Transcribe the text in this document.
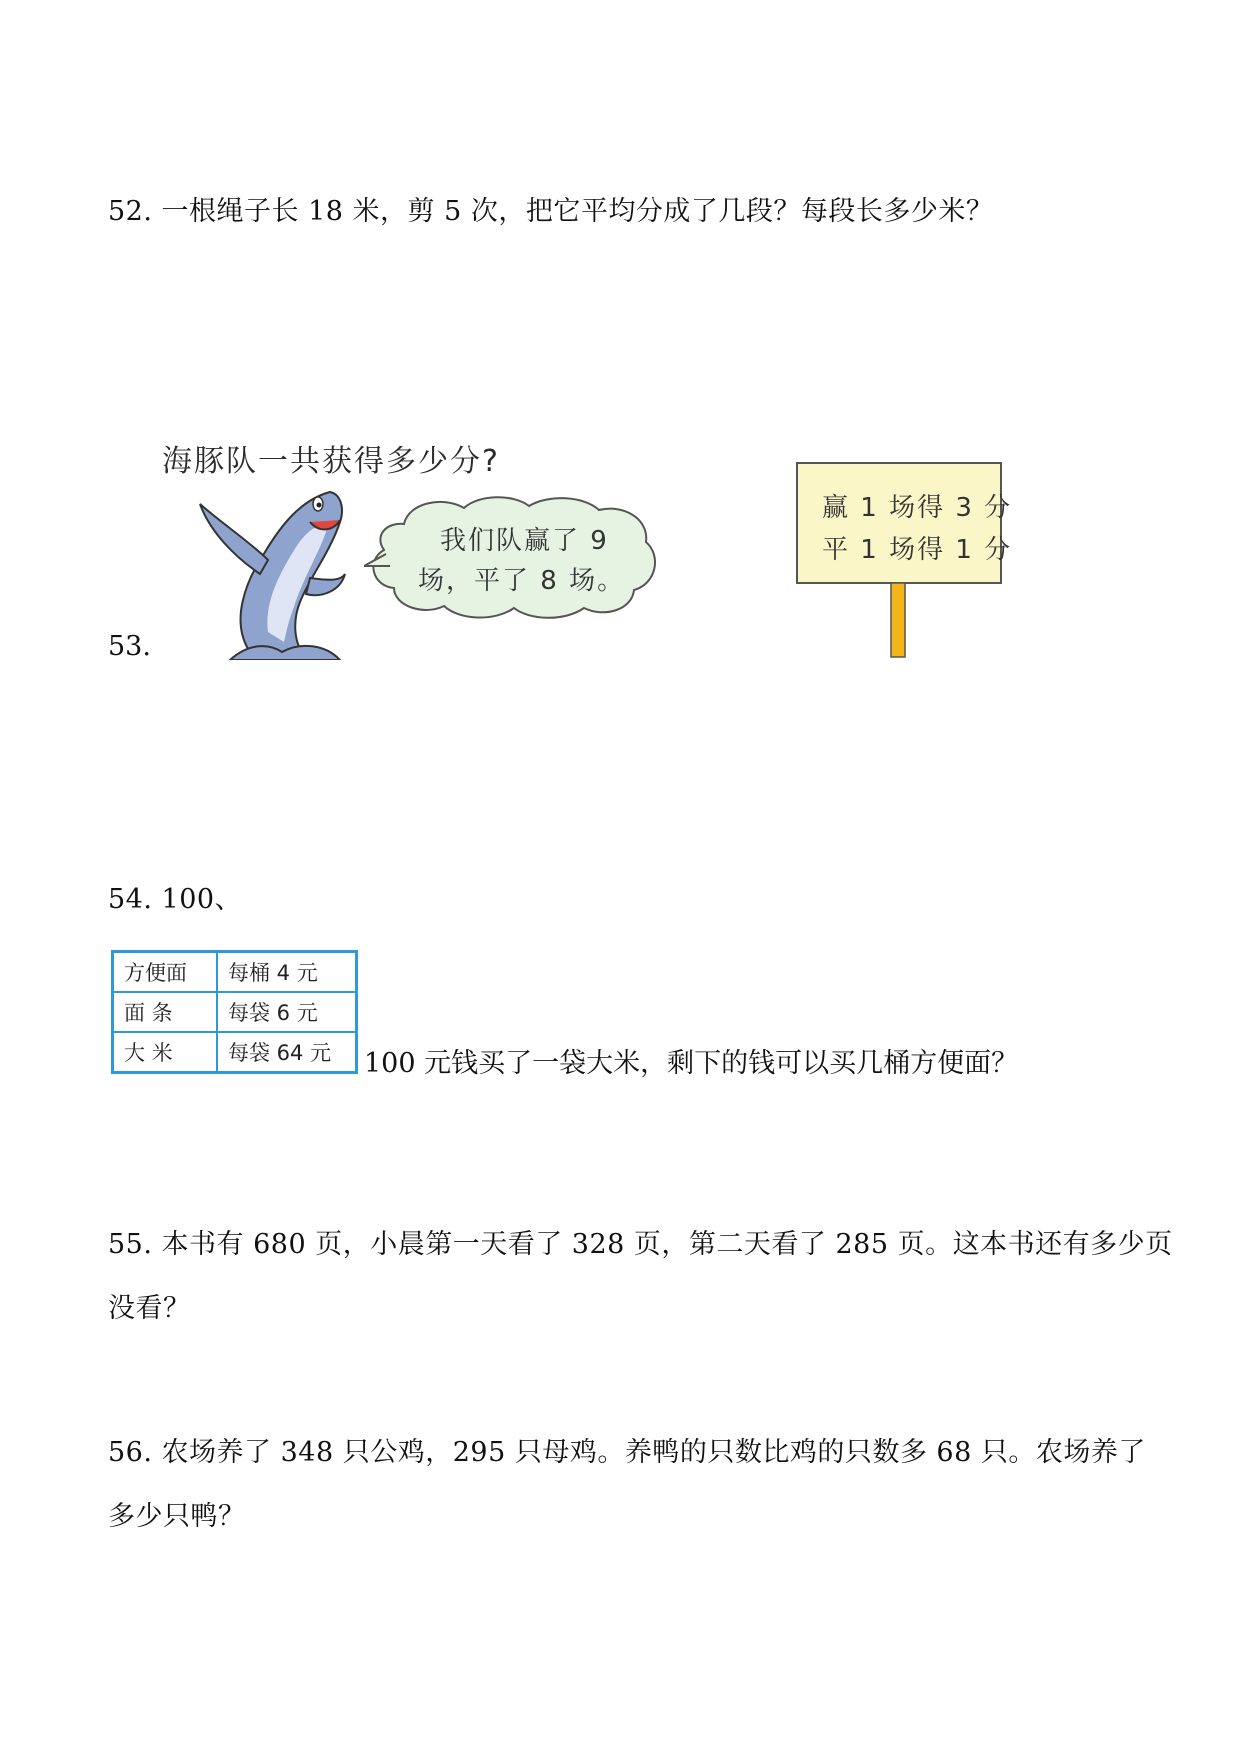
52. 一根绳子长 18 米，剪 5 次，把它平均分成了几段？每段长多少米？
53.
海豚队一共获得多少分?
我们队赢了 9
场，平了 8 场。
赢 1 场得 3 分
平 1 场得 1 分
54. 100、
方便面	每桶 4 元
面 条	每袋 6 元
大 米	每袋 64 元 100 元钱买了一袋大米，剩下的钱可以买几桶方便面？
55. 本书有 680 页，小晨第一天看了 328 页，第二天看了 285 页。这本书还有多少页
没看？
56. 农场养了 348 只公鸡，295 只母鸡。养鸭的只数比鸡的只数多 68 只。农场养了
多少只鸭？
